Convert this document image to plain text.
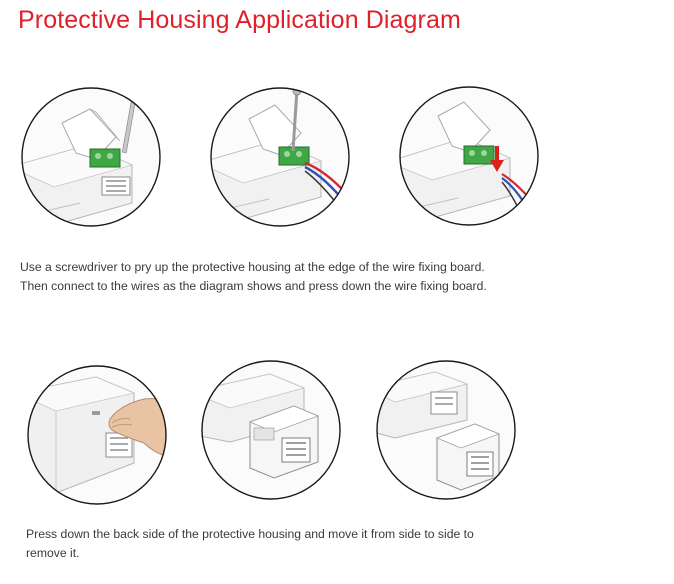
Protective Housing Application Diagram

Use a screwdriver to pry up the protective housing at the edge of the wire fixing board.
Then connect to the wires as the diagram shows and press down the wire fixing board.

Press down the back side of the protective housing and move it from side to side to
remove it.
